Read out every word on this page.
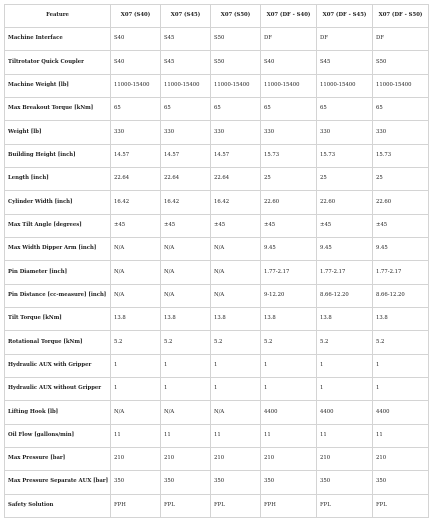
Feature	X07 (S40)	X07 (S45)	X07 (S50)	X07 (DF - S40)	X07 (DF - S45)	X07 (DF - S50)
Machine Interface	S40	S45	S50	DF	DF	DF
Tiltrotator Quick Coupler	S40	S45	S50	S40	S45	S50
Machine Weight [lb]	11000-15400	11000-15400	11000-15400	11000-15400	11000-15400	11000-15400
Max Breakout Torque [kNm]	65	65	65	65	65	65
Weight [lb]	330	330	330	330	330	330
Building Height [inch]	14.57	14.57	14.57	15.73	15.73	15.73
Length [inch]	22.64	22.64	22.64	25	25	25
Cylinder Width [inch]	16.42	16.42	16.42	22.60	22.60	22.60
Max Tilt Angle [degrees]	±45	±45	±45	±45	±45	±45
Max Width Dipper Arm [inch]	N/A	N/A	N/A	9.45	9.45	9.45
Pin Diameter [inch]	N/A	N/A	N/A	1.77-2.17	1.77-2.17	1.77-2.17
Pin Distance [cc-measure] [inch]	N/A	N/A	N/A	9-12.20	8.66-12.20	8.66-12.20
Tilt Torque [kNm]	13.8	13.8	13.8	13.8	13.8	13.8
Rotational Torque [kNm]	5.2	5.2	5.2	5.2	5.2	5.2
Hydraulic AUX with Gripper	1	1	1	1	1	1
Hydraulic AUX without Gripper	1	1	1	1	1	1
Lifting Hook [lb]	N/A	N/A	N/A	4400	4400	4400
Oil Flow [gallons/min]	11	11	11	11	11	11
Max Pressure [bar]	210	210	210	210	210	210
Max Pressure Separate AUX [bar]	350	350	350	350	350	350
Safety Solution	FPH	FPL	FPL	FPH	FPL	FPL
